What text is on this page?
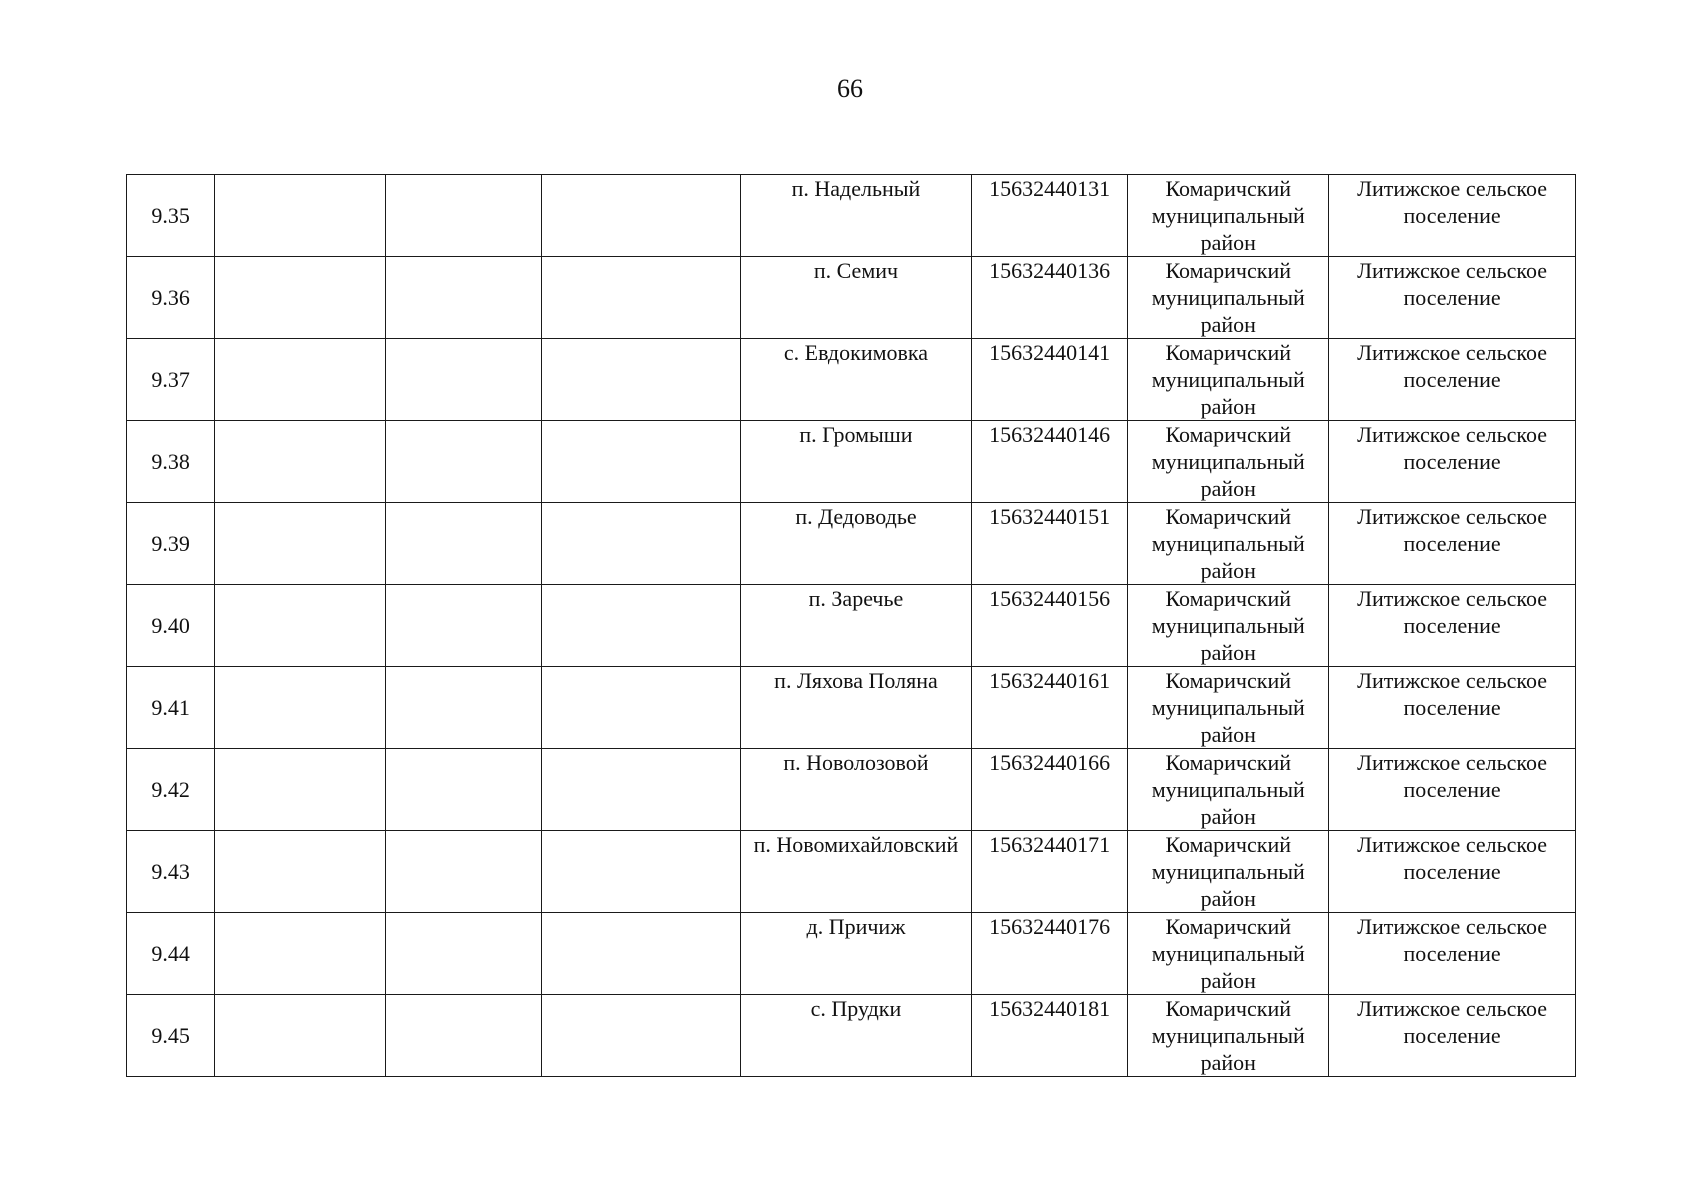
66
9.35				п. Надельный	15632440131	Комаричский муниципальный район	Литижское сельское поселение
9.36				п. Семич	15632440136	Комаричский муниципальный район	Литижское сельское поселение
9.37				с. Евдокимовка	15632440141	Комаричский муниципальный район	Литижское сельское поселение
9.38				п. Громыши	15632440146	Комаричский муниципальный район	Литижское сельское поселение
9.39				п. Дедоводье	15632440151	Комаричский муниципальный район	Литижское сельское поселение
9.40				п. Заречье	15632440156	Комаричский муниципальный район	Литижское сельское поселение
9.41				п. Ляхова Поляна	15632440161	Комаричский муниципальный район	Литижское сельское поселение
9.42				п. Новолозовой	15632440166	Комаричский муниципальный район	Литижское сельское поселение
9.43				п. Новомихайловский	15632440171	Комаричский муниципальный район	Литижское сельское поселение
9.44				д. Причиж	15632440176	Комаричский муниципальный район	Литижское сельское поселение
9.45				с. Прудки	15632440181	Комаричский муниципальный район	Литижское сельское поселение
